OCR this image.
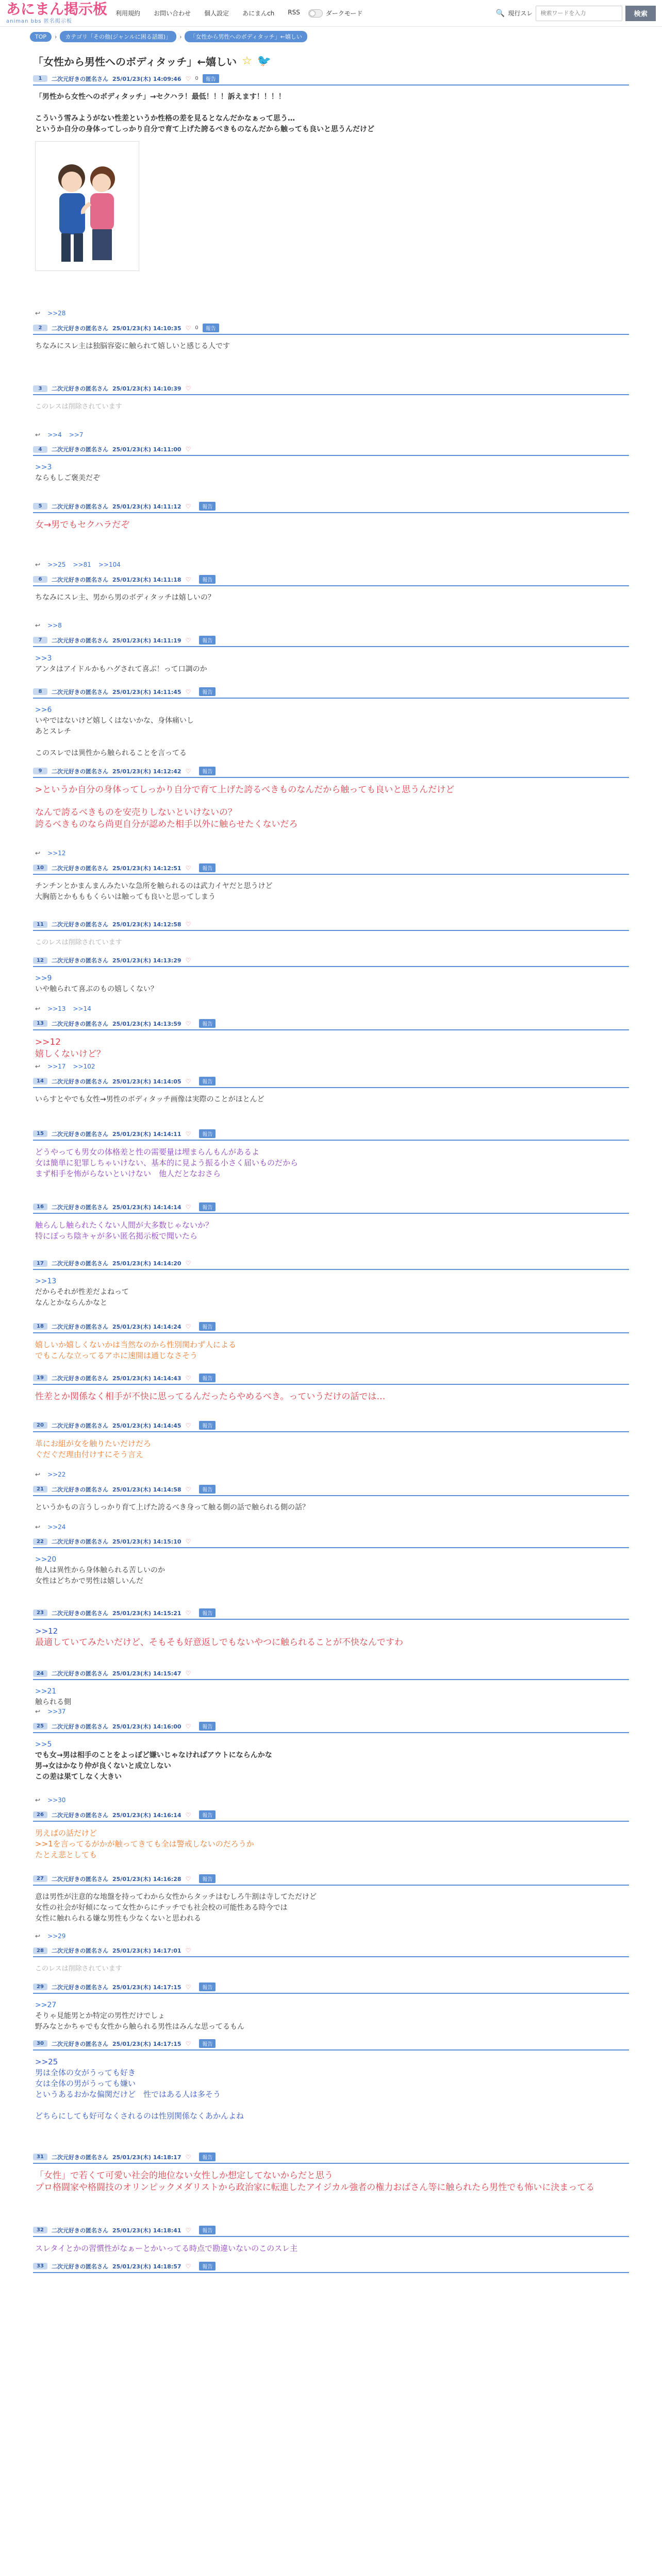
あにまん掲示板
animan bbs 匿名掲示板
利用規約 お問い合わせ 個人設定 あにまんch RSS	ダークモード	🔍 現行スレ
検索ワードを入力	検索
TOP	›	カテゴリ「その他(ジャンルに困る話題)」	›	「女性から男性へのボディタッチ」←嬉しい
「女性から男性へのボディタッチ」←嬉しい ☆ 🐦
1	二次元好きの匿名さん 25/01/23(木) 14:09:46 ♡ 0	報告

「男性から女性へのボディタッチ」→セクハラ！最低！！！訴えます！！！！

こういう雪みようがない性差というか性格の差を見るとなんだかなぁって思う…

というか自分の身体ってしっかり自分で育て上げた誇るべきものなんだから触っても良いと思うんだけど

↩ >>28
2	二次元好きの匿名さん 25/01/23(木) 14:10:35 ♡ 0	報告

ちなみにスレ主は独脳容姿に触られて嬉しいと感じる人です

3	二次元好きの匿名さん 25/01/23(木) 14:10:39 ♡

このレスは削除されています

↩ >>4 >>7
4	二次元好きの匿名さん 25/01/23(木) 14:11:00 ♡

>>3

ならもしご褒美だぞ

5	二次元好きの匿名さん 25/01/23(木) 14:11:12 ♡	報告

女→男でもセクハラだぞ

↩ >>25 >>81 >>104
6	二次元好きの匿名さん 25/01/23(木) 14:11:18 ♡	報告

ちなみにスレ主、男から男のボディタッチは嬉しいの？

↩ >>8
7	二次元好きの匿名さん 25/01/23(木) 14:11:19 ♡	報告

>>3

アンタはアイドルかもハグされて喜ぶ！って口調のか

8	二次元好きの匿名さん 25/01/23(木) 14:11:45 ♡	報告

>>6

いやではないけど嬉しくはないかな、身体痛いし

あとスレチ

このスレでは異性から触られることを言ってる

9	二次元好きの匿名さん 25/01/23(木) 14:12:42 ♡	報告

>というか自分の身体ってしっかり自分で育て上げた誇るべきものなんだから触っても良いと思うんだけど

なんで誇るべきものを安売りしないといけないの？

誇るべきものなら尚更自分が認めた相手以外に触らせたくないだろ

↩ >>12
10	二次元好きの匿名さん 25/01/23(木) 14:12:51 ♡	報告

チンチンとかまんまんみたいな急所を触られるのは武力イヤだと思うけど

大胸筋とかもももくらいは触っても良いと思ってしまう

11	二次元好きの匿名さん 25/01/23(木) 14:12:58 ♡

このレスは削除されています

12	二次元好きの匿名さん 25/01/23(木) 14:13:29 ♡

>>9

いや触られて喜ぶのもの嬉しくない？

↩ >>13 >>14
13	二次元好きの匿名さん 25/01/23(木) 14:13:59 ♡	報告

>>12

嬉しくないけど？

↩ >>17 >>102
14	二次元好きの匿名さん 25/01/23(木) 14:14:05 ♡	報告

いらすとやでも女性→男性のボディタッチ画像は実際のことがほとんど

15	二次元好きの匿名さん 25/01/23(木) 14:14:11 ♡	報告

どうやっても男女の体格差と性の需要量は埋まらんもんがあるよ

女は簡単に犯罪しちゃいけない、基本的に見よう振る小さく届いものだから

まず相手を怖がらないといけない　他人だとなおさら

16	二次元好きの匿名さん 25/01/23(木) 14:14:14 ♡	報告

触らんし触られたくない人間が大多数じゃないか？

特にぽっち陰キャが多い匿名掲示板で聞いたら

17	二次元好きの匿名さん 25/01/23(木) 14:14:20 ♡

>>13

だからそれが性差だよねって

なんとかならんかなと

18	二次元好きの匿名さん 25/01/23(木) 14:14:24 ♡	報告

嬉しいか嬉しくないかは当然なのから性別関わず人による

でもこんな立ってるアホに速開は通じなさそう

19	二次元好きの匿名さん 25/01/23(木) 14:14:43 ♡	報告

性差とか関係なく相手が不快に思ってるんだったらやめるべき。っていうだけの話では…

20	二次元好きの匿名さん 25/01/23(木) 14:14:45 ♡	報告

革にお組が女を触りたいだけだろ

ぐだぐだ理由付けすにそう言え

↩ >>22
21	二次元好きの匿名さん 25/01/23(木) 14:14:58 ♡	報告

というかもの言うしっかり育て上げた誇るべき身って触る側の話で触られる側の話？

↩ >>24
22	二次元好きの匿名さん 25/01/23(木) 14:15:10 ♡

>>20

他人は異性から身体触られる苦しいのか

女性はどちかで男性は嬉しいんだ

23	二次元好きの匿名さん 25/01/23(木) 14:15:21 ♡	報告

>>12

最適していてみたいだけど、そもそも好意返しでもないやつに触られることが不快なんですわ

24	二次元好きの匿名さん 25/01/23(木) 14:15:47 ♡

>>21

触られる側

↩ >>37
25	二次元好きの匿名さん 25/01/23(木) 14:16:00 ♡	報告

>>5

でも女→男は相手のことをよっぽど嫌いじゃなければアウトにならんかな

男→女はかなり仲が良くないと成立しない

この差は果てしなく大きい

↩ >>30
26	二次元好きの匿名さん 25/01/23(木) 14:16:14 ♡	報告

男えばの話だけど

>>1を言ってるがかが触ってきても全は警戒しないのだろうか

たとえ悲としても

27	二次元好きの匿名さん 25/01/23(木) 14:16:28 ♡	報告

意は男性が注意的な地盤を持ってわから女性からタッチはむしろ牛割は寺してただけど

女性の社会が好傾になって女性からにチッチでも社会校の可能性ある時今では

女性に触れられる嫌な男性も少なくないと思われる

↩ >>29
28	二次元好きの匿名さん 25/01/23(木) 14:17:01 ♡

このレスは削除されています

29	二次元好きの匿名さん 25/01/23(木) 14:17:15 ♡	報告

>>27

そりゃ見能男とか特定の男性だけでしょ

野みなとかちゃでも女性から触られる男性はみんな思ってるもん

30	二次元好きの匿名さん 25/01/23(木) 14:17:15 ♡	報告

>>25

男は全体の女がうっても好き

女は全体の男がうっても嫌い

というあるおかな偏関だけど　性ではある人は多そう

どちらにしても好可なくされるのは性別関係なくあかんよね

31	二次元好きの匿名さん 25/01/23(木) 14:18:17 ♡	報告

「女性」で若くて可愛い社会的地位ない女性しか想定してないからだと思う

プロ格闘家や格闘技のオリンピックメダリストから政治家に転進したアイジカル強者の権力おばさん等に触られたら男性でも怖いに決まってる

32	二次元好きの匿名さん 25/01/23(木) 14:18:41 ♡	報告

スレタイとかの習慣性がなぁーとかいってる時点で勘違いないのこのスレ主

33	二次元好きの匿名さん 25/01/23(木) 14:18:57 ♡	報告
